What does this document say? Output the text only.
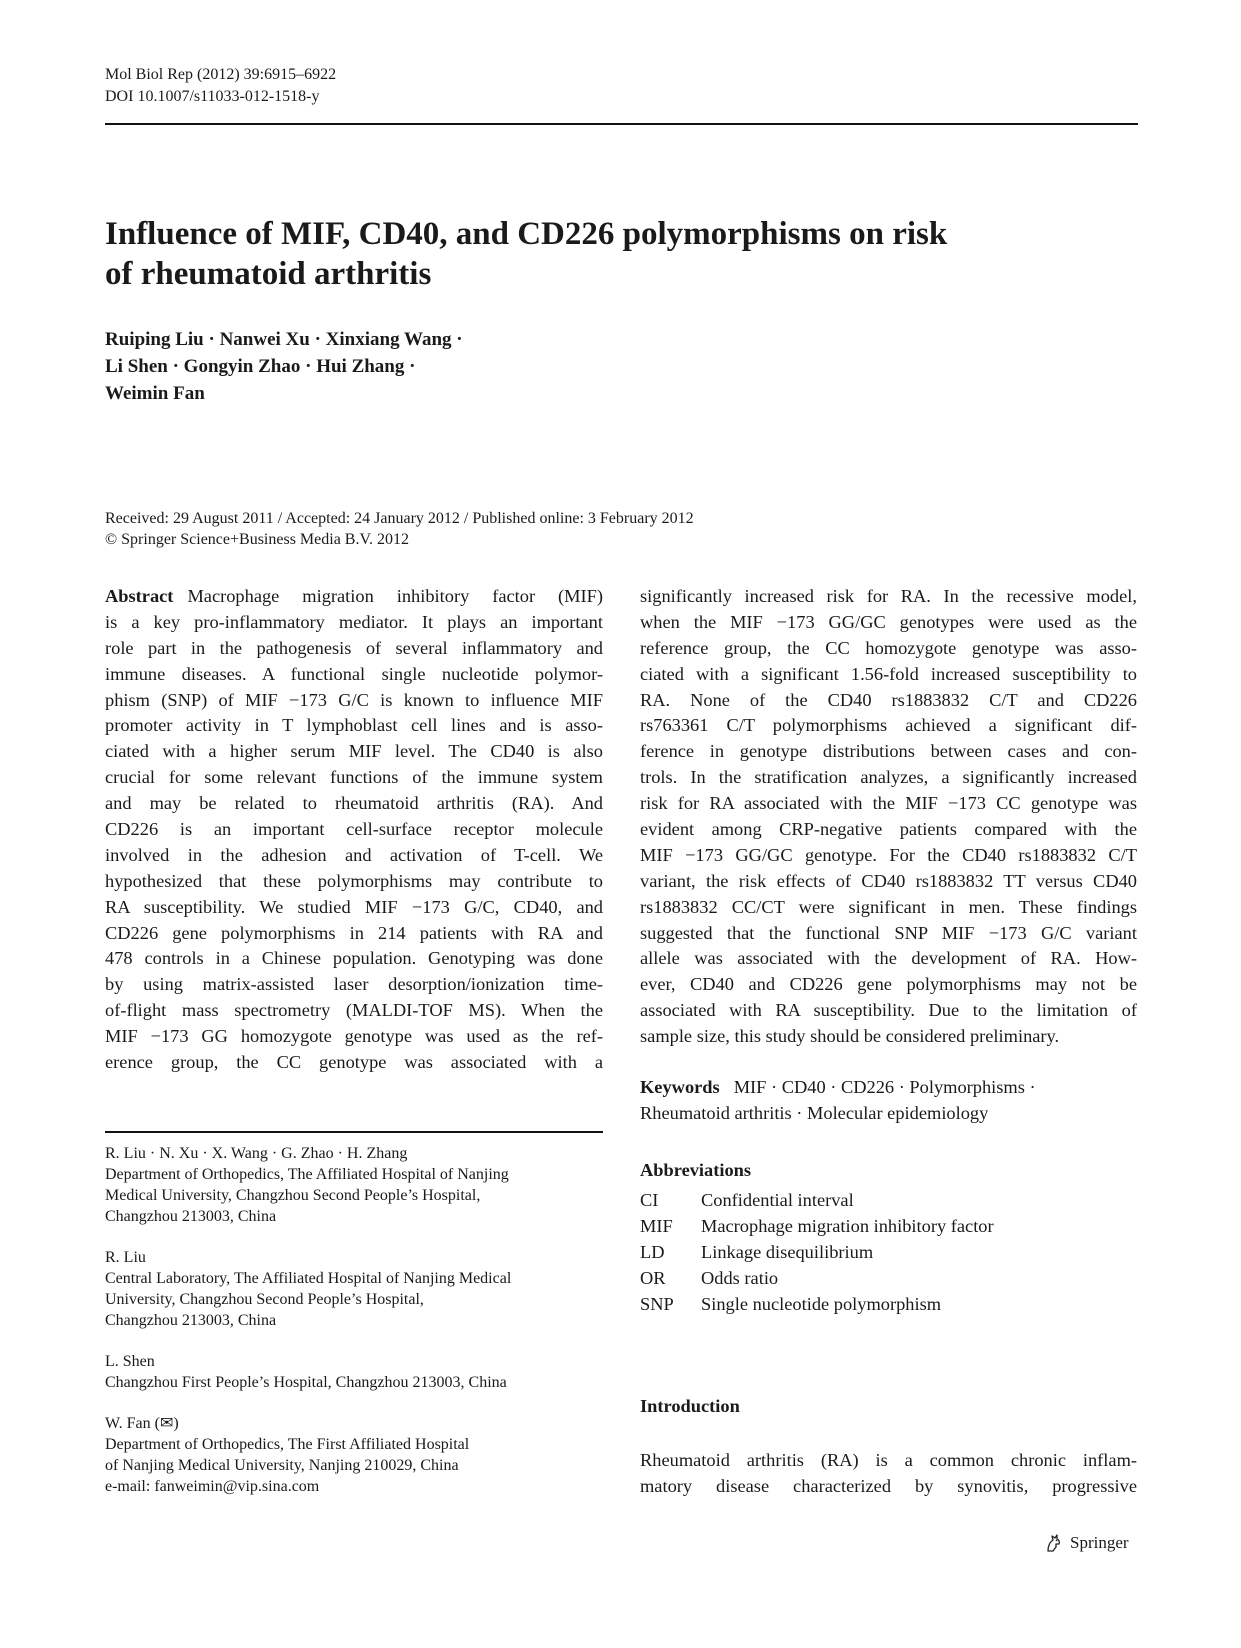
Mol Biol Rep (2012) 39:6915–6922
DOI 10.1007/s11033-012-1518-y
Influence of MIF, CD40, and CD226 polymorphisms on risk
of rheumatoid arthritis
Ruiping Liu · Nanwei Xu · Xinxiang Wang ·
Li Shen · Gongyin Zhao · Hui Zhang ·
Weimin Fan
Received: 29 August 2011 / Accepted: 24 January 2012 / Published online: 3 February 2012
© Springer Science+Business Media B.V. 2012
Abstract Macrophage migration inhibitory factor (MIF)
is a key pro-inflammatory mediator. It plays an important
role part in the pathogenesis of several inflammatory and
immune diseases. A functional single nucleotide polymor-
phism (SNP) of MIF −173 G/C is known to influence MIF
promoter activity in T lymphoblast cell lines and is asso-
ciated with a higher serum MIF level. The CD40 is also
crucial for some relevant functions of the immune system
and may be related to rheumatoid arthritis (RA). And
CD226 is an important cell-surface receptor molecule
involved in the adhesion and activation of T-cell. We
hypothesized that these polymorphisms may contribute to
RA susceptibility. We studied MIF −173 G/C, CD40, and
CD226 gene polymorphisms in 214 patients with RA and
478 controls in a Chinese population. Genotyping was done
by using matrix-assisted laser desorption/ionization time-
of-flight mass spectrometry (MALDI-TOF MS). When the
MIF −173 GG homozygote genotype was used as the ref-
erence group, the CC genotype was associated with a
R. Liu · N. Xu · X. Wang · G. Zhao · H. Zhang
Department of Orthopedics, The Affiliated Hospital of Nanjing
Medical University, Changzhou Second People’s Hospital,
Changzhou 213003, China
R. Liu
Central Laboratory, The Affiliated Hospital of Nanjing Medical
University, Changzhou Second People’s Hospital,
Changzhou 213003, China
L. Shen
Changzhou First People’s Hospital, Changzhou 213003, China
W. Fan (✉)
Department of Orthopedics, The First Affiliated Hospital
of Nanjing Medical University, Nanjing 210029, China
e-mail: fanweimin@vip.sina.com
significantly increased risk for RA. In the recessive model,
when the MIF −173 GG/GC genotypes were used as the
reference group, the CC homozygote genotype was asso-
ciated with a significant 1.56-fold increased susceptibility to
RA. None of the CD40 rs1883832 C/T and CD226
rs763361 C/T polymorphisms achieved a significant dif-
ference in genotype distributions between cases and con-
trols. In the stratification analyzes, a significantly increased
risk for RA associated with the MIF −173 CC genotype was
evident among CRP-negative patients compared with the
MIF −173 GG/GC genotype. For the CD40 rs1883832 C/T
variant, the risk effects of CD40 rs1883832 TT versus CD40
rs1883832 CC/CT were significant in men. These findings
suggested that the functional SNP MIF −173 G/C variant
allele was associated with the development of RA. How-
ever, CD40 and CD226 gene polymorphisms may not be
associated with RA susceptibility. Due to the limitation of
sample size, this study should be considered preliminary.
Keywords MIF · CD40 · CD226 · Polymorphisms ·
Rheumatoid arthritis · Molecular epidemiology
Abbreviations
CI	Confidential interval
MIF	Macrophage migration inhibitory factor
LD	Linkage disequilibrium
OR	Odds ratio
SNP	Single nucleotide polymorphism
Introduction
Rheumatoid arthritis (RA) is a common chronic inflam-
matory disease characterized by synovitis, progressive
Springer
